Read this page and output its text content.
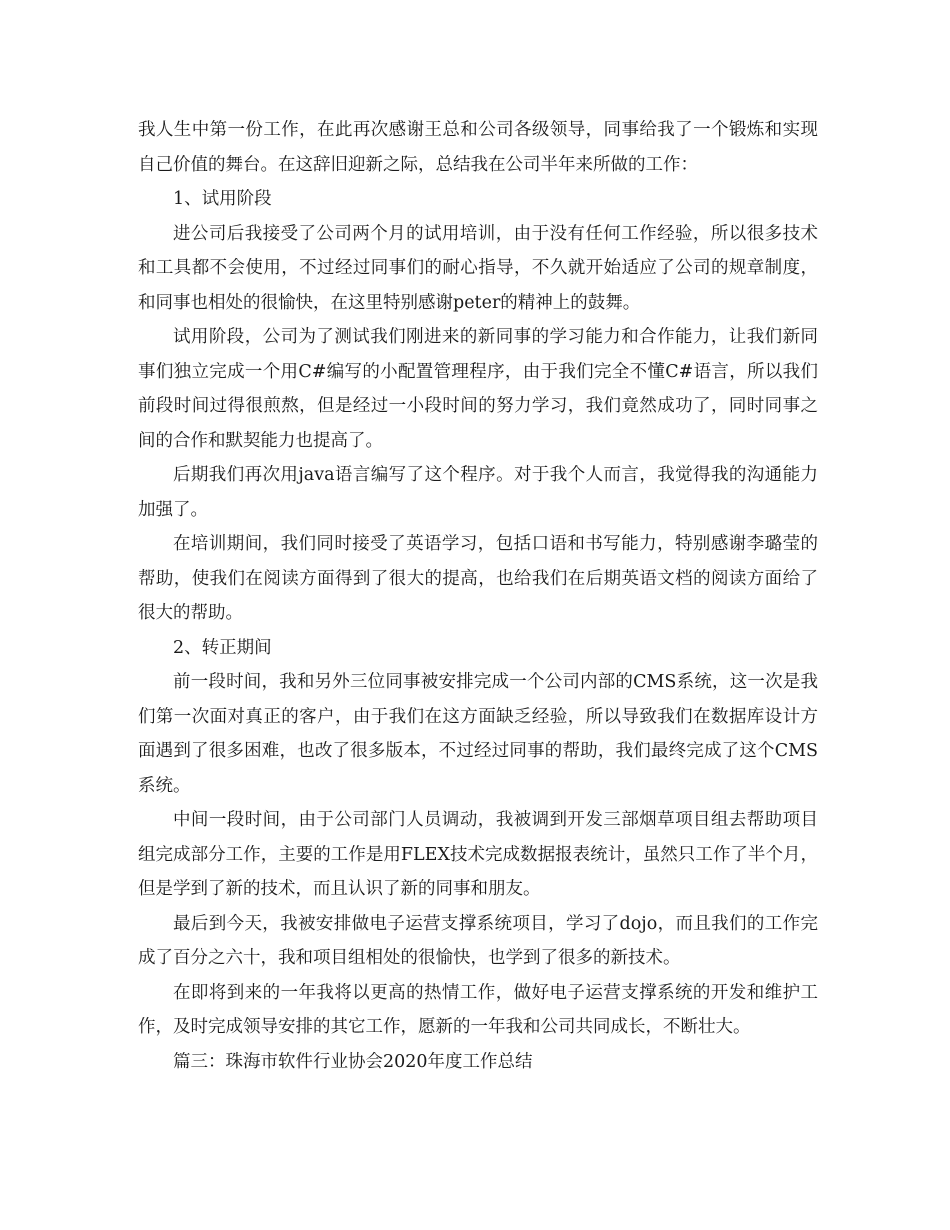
我人生中第一份工作，在此再次感谢王总和公司各级领导，同事给我了一个锻炼和实现自己价值的舞台。在这辞旧迎新之际，总结我在公司半年来所做的工作：

1、试用阶段

进公司后我接受了公司两个月的试用培训，由于没有任何工作经验，所以很多技术和工具都不会使用，不过经过同事们的耐心指导，不久就开始适应了公司的规章制度，和同事也相处的很愉快，在这里特别感谢peter的精神上的鼓舞。

试用阶段，公司为了测试我们刚进来的新同事的学习能力和合作能力，让我们新同事们独立完成一个用C#编写的小配置管理程序，由于我们完全不懂C#语言，所以我们前段时间过得很煎熬，但是经过一小段时间的努力学习，我们竟然成功了，同时同事之间的合作和默契能力也提高了。

后期我们再次用java语言编写了这个程序。对于我个人而言，我觉得我的沟通能力加强了。

在培训期间，我们同时接受了英语学习，包括口语和书写能力，特别感谢李璐莹的帮助，使我们在阅读方面得到了很大的提高，也给我们在后期英语文档的阅读方面给了很大的帮助。

2、转正期间

前一段时间，我和另外三位同事被安排完成一个公司内部的CMS系统，这一次是我们第一次面对真正的客户，由于我们在这方面缺乏经验，所以导致我们在数据库设计方面遇到了很多困难，也改了很多版本，不过经过同事的帮助，我们最终完成了这个CMS系统。

中间一段时间，由于公司部门人员调动，我被调到开发三部烟草项目组去帮助项目组完成部分工作，主要的工作是用FLEX技术完成数据报表统计，虽然只工作了半个月，但是学到了新的技术，而且认识了新的同事和朋友。

最后到今天，我被安排做电子运营支撑系统项目，学习了dojo，而且我们的工作完成了百分之六十，我和项目组相处的很愉快，也学到了很多的新技术。

在即将到来的一年我将以更高的热情工作，做好电子运营支撑系统的开发和维护工作，及时完成领导安排的其它工作，愿新的一年我和公司共同成长，不断壮大。

篇三：珠海市软件行业协会2020年度工作总结
